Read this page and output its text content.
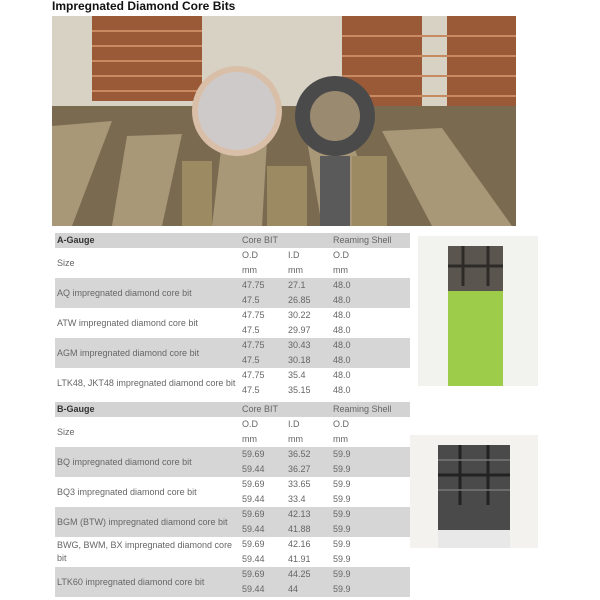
Impregnated Diamond Core Bits
A-Gauge	Core BIT		Reaming Shell
Size	O.D	I.D	O.D
	mm	mm	mm
AQ impregnated diamond core bit	47.75	27.1	48.0
	47.5	26.85	48.0
ATW impregnated diamond core bit	47.75	30.22	48.0
	47.5	29.97	48.0
AGM impregnated diamond core bit	47.75	30.43	48.0
	47.5	30.18	48.0
LTK48, JKT48 impregnated diamond core bit	47.75	35.4	48.0
	47.5	35.15	48.0
B-Gauge	Core BIT		Reaming Shell
Size	O.D	I.D	O.D
	mm	mm	mm
BQ impregnated diamond core bit	59.69	36.52	59.9
	59.44	36.27	59.9
BQ3 impregnated diamond core bit	59.69	33.65	59.9
	59.44	33.4	59.9
BGM (BTW) impregnated diamond core bit	59.69	42.13	59.9
	59.44	41.88	59.9
BWG, BWM, BX impregnated diamond core bit	59.69	42.16	59.9
	59.44	41.91	59.9
LTK60 impregnated diamond core bit	59.69	44.25	59.9
	59.44	44	59.9
